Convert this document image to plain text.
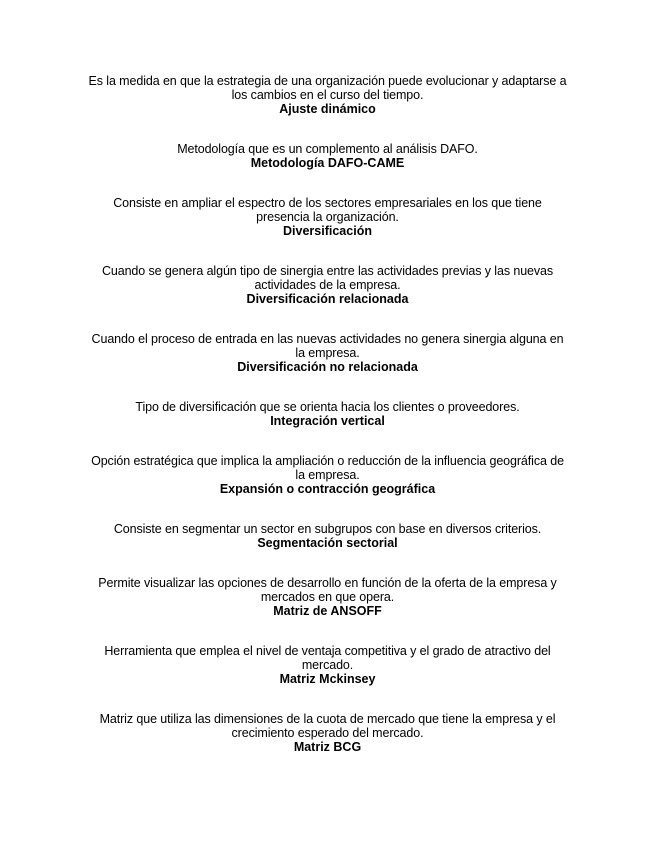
Es la medida en que la estrategia de una organización puede evolucionar y adaptarse a los cambios en el curso del tiempo.
Ajuste dinámico
Metodología que es un complemento al análisis DAFO.
Metodología DAFO-CAME
Consiste en ampliar el espectro de los sectores empresariales en los que tiene presencia la organización.
Diversificación
Cuando se genera algún tipo de sinergia entre las actividades previas y las nuevas actividades de la empresa.
Diversificación relacionada
Cuando el proceso de entrada en las nuevas actividades no genera sinergia alguna en la empresa.
Diversificación no relacionada
Tipo de diversificación que se orienta hacia los clientes o proveedores.
Integración vertical
Opción estratégica que implica la ampliación o reducción de la influencia geográfica de la empresa.
Expansión o contracción geográfica
Consiste en segmentar un sector en subgrupos con base en diversos criterios.
Segmentación sectorial
Permite visualizar las opciones de desarrollo en función de la oferta de la empresa y mercados en que opera.
Matriz de ANSOFF
Herramienta que emplea el nivel de ventaja competitiva y el grado de atractivo del mercado.
Matriz Mckinsey
Matriz que utiliza las dimensiones de la cuota de mercado que tiene la empresa y el crecimiento esperado del mercado.
Matriz BCG
